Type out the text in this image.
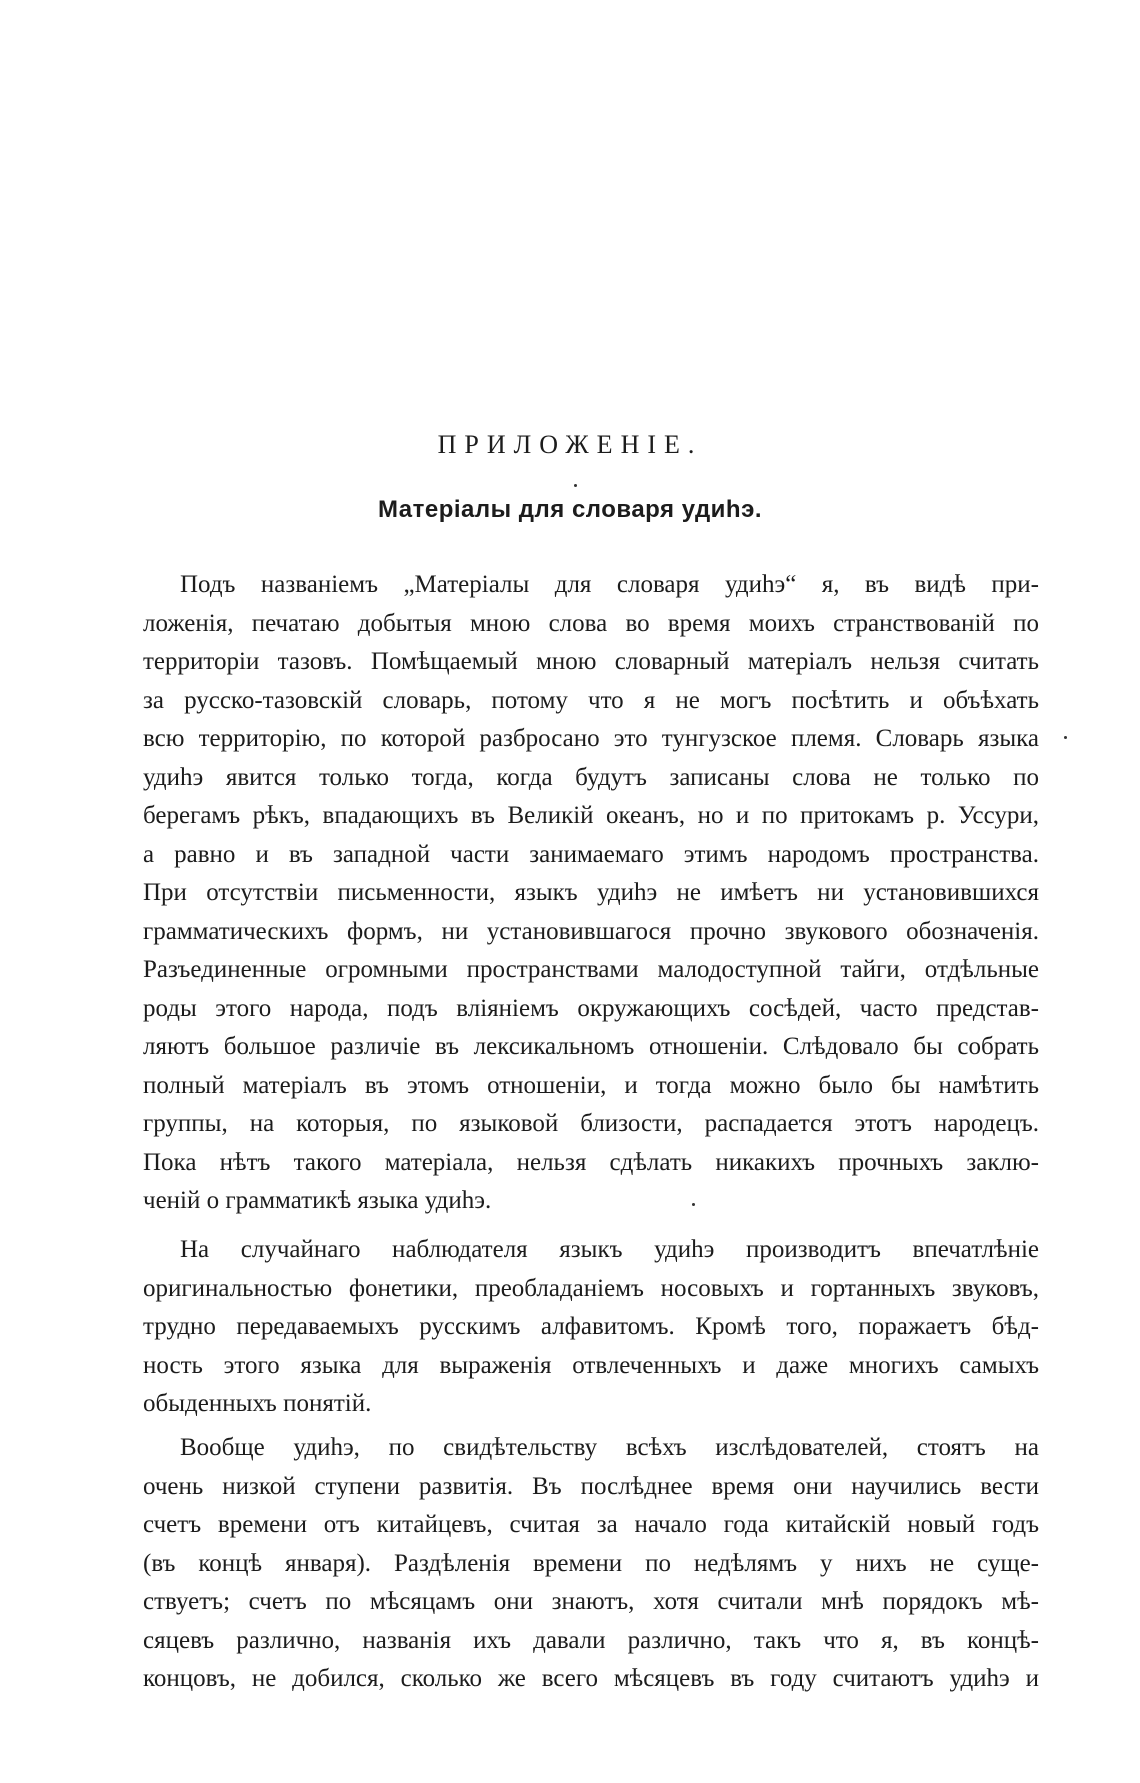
ПРИЛОЖЕНІЕ.
Матеріалы для словаря удиһэ.
Подъ названіемъ „Матеріалы для словаря удиһэ“ я, въ видѣ при-
ложенія, печатаю добытыя мною слова во время моихъ странствованій по
территоріи тазовъ. Помѣщаемый мною словарный матеріалъ нельзя считать
за русско-тазовскій словарь, потому что я не могъ посѣтить и объѣхать
всю территорію, по которой разбросано это тунгузское племя. Словарь языка
удиһэ явится только тогда, когда будутъ записаны слова не только по
берегамъ рѣкъ, впадающихъ въ Великій океанъ, но и по притокамъ р. Уссури,
а равно и въ западной части занимаемаго этимъ народомъ пространства.
При отсутствіи письменности, языкъ удиһэ не имѣетъ ни установившихся
грамматическихъ формъ, ни установившагося прочно звукового обозначенія.
Разъединенные огромными пространствами малодоступной тайги, отдѣльные
роды этого народа, подъ вліяніемъ окружающихъ сосѣдей, часто представ-
ляютъ большое различіе въ лексикальномъ отношеніи. Слѣдовало бы собрать
полный матеріалъ въ этомъ отношеніи, и тогда можно было бы намѣтить
группы, на которыя, по языковой близости, распадается этотъ народецъ.
Пока нѣтъ такого матеріала, нельзя сдѣлать никакихъ прочныхъ заклю-
ченій о грамматикѣ языка удиһэ.
На случайнаго наблюдателя языкъ удиһэ производитъ впечатлѣніе
оригинальностью фонетики, преобладаніемъ носовыхъ и гортанныхъ звуковъ,
трудно передаваемыхъ русскимъ алфавитомъ. Кромѣ того, поражаетъ бѣд-
ность этого языка для выраженія отвлеченныхъ и даже многихъ самыхъ
обыденныхъ понятій.
Вообще удиһэ, по свидѣтельству всѣхъ изслѣдователей, стоятъ на
очень низкой ступени развитія. Въ послѣднее время они научились вести
счетъ времени отъ китайцевъ, считая за начало года китайскій новый годъ
(въ концѣ января). Раздѣленія времени по недѣлямъ у нихъ не суще-
ствуетъ; счетъ по мѣсяцамъ они знаютъ, хотя считали мнѣ порядокъ мѣ-
сяцевъ различно, названія ихъ давали различно, такъ что я, въ концѣ-
концовъ, не добился, сколько же всего мѣсяцевъ въ году считаютъ удиһэ и
